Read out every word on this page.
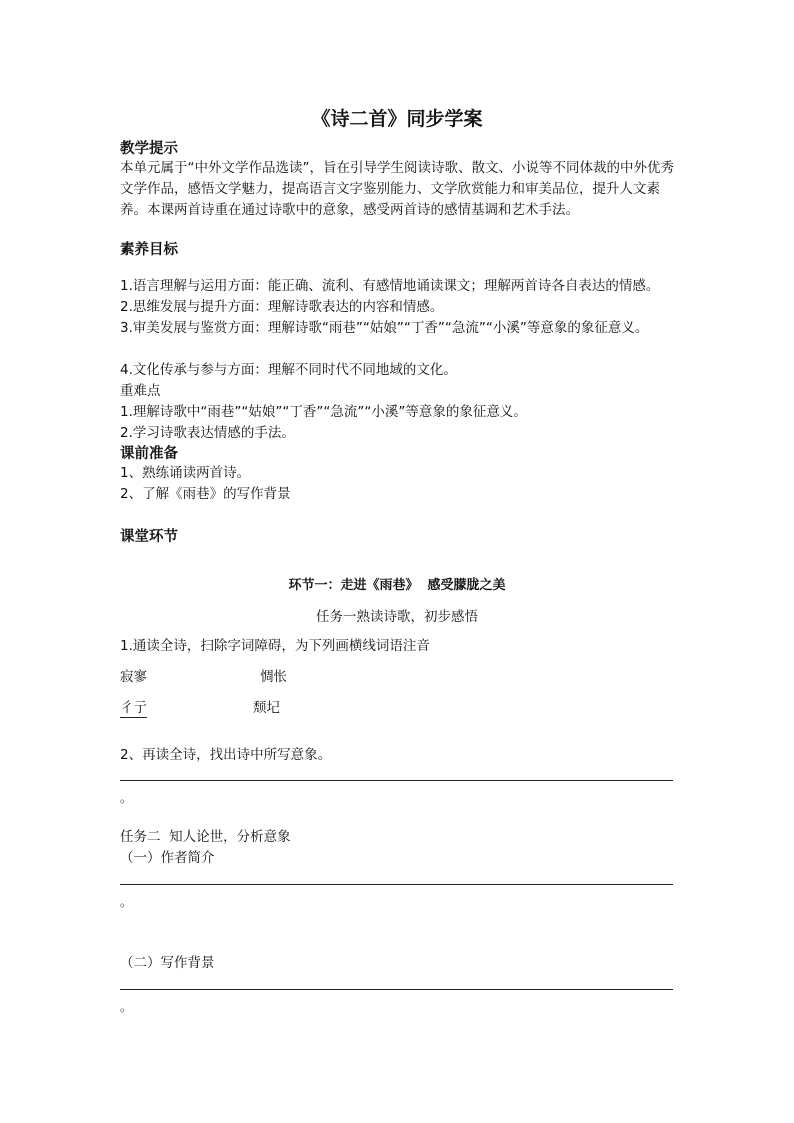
《诗二首》同步学案
教学提示

本单元属于“中外文学作品选读”，旨在引导学生阅读诗歌、散文、小说等不同体裁的中外优秀文学作品，感悟文学魅力，提高语言文字鉴别能力、文学欣赏能力和审美品位，提升人文素养。本课两首诗重在通过诗歌中的意象，感受两首诗的感情基调和艺术手法。

素养目标
1.语言理解与运用方面：能正确、流利、有感情地诵读课文；理解两首诗各自表达的情感。
2.思维发展与提升方面：理解诗歌表达的内容和情感。

3.审美发展与鉴赏方面：理解诗歌“雨巷”“姑娘”“丁香”“急流”“小溪”等意象的象征意义。

4.文化传承与参与方面：理解不同时代不同地域的文化。
重难点
1.理解诗歌中“雨巷”“姑娘”“丁香”“急流”“小溪”等意象的象征意义。
2.学习诗歌表达情感的手法。
课前准备
1、熟练诵读两首诗。
2、了解《雨巷》的写作背景
课堂环节
环节一：走进《雨巷》  感受朦胧之美
任务一熟读诗歌，初步感悟
1.通读全诗，扫除字词障碍，为下列画横线词语注音
寂寥	惆怅
彳亍	颓圮
2、再读全诗，找出诗中所写意象。
。
任务二  知人论世，分析意象
（一）作者简介
。
（二）写作背景
。
